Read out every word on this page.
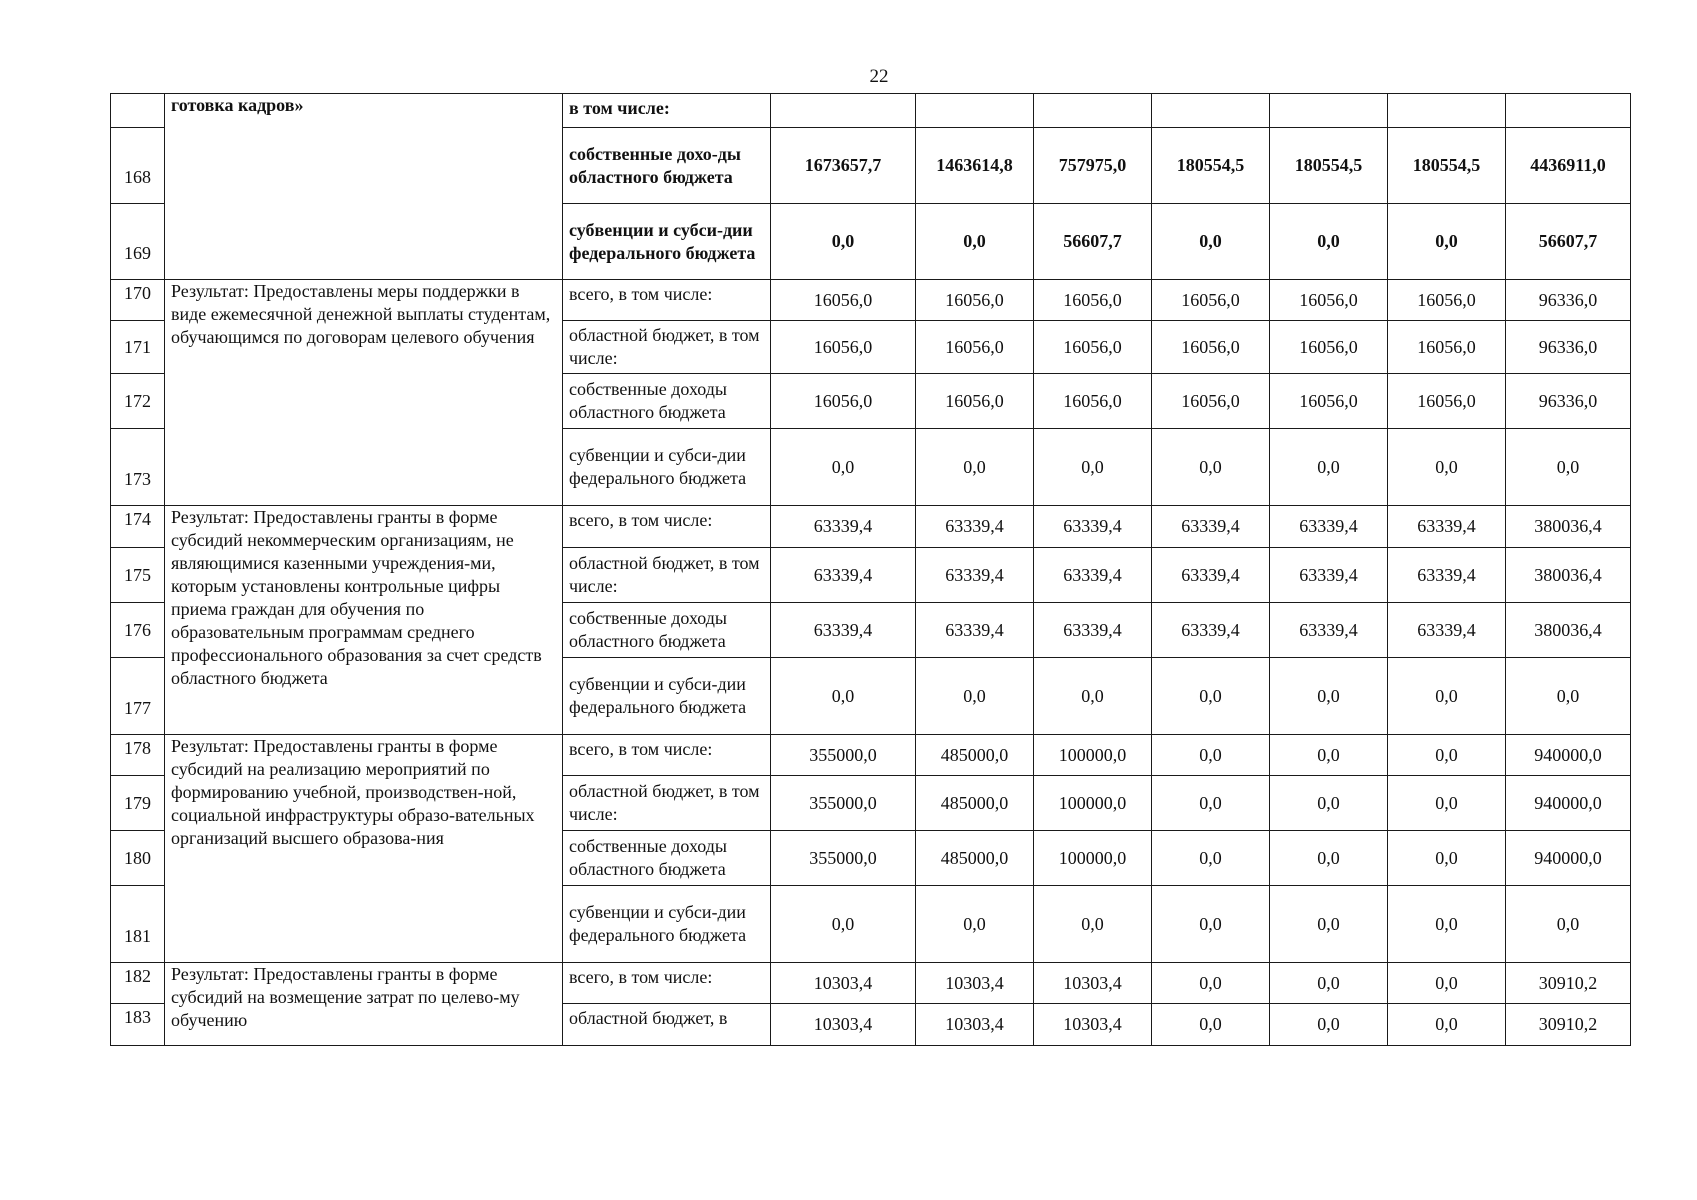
22
	готовка кадров»	в том числе:							
168		собственные дохо-ды областного бюджета	1673657,7	1463614,8	757975,0	180554,5	180554,5	180554,5	4436911,0
169		субвенции и субси-дии федерального бюджета	0,0	0,0	56607,7	0,0	0,0	0,0	56607,7
170	Результат: Предоставлены меры поддержки в виде ежемесячной денежной выплаты студентам, обучающимся по договорам целевого обучения	всего, в том числе:	16056,0	16056,0	16056,0	16056,0	16056,0	16056,0	96336,0
171		областной бюджет, в том числе:	16056,0	16056,0	16056,0	16056,0	16056,0	16056,0	96336,0
172		собственные доходы областного бюджета	16056,0	16056,0	16056,0	16056,0	16056,0	16056,0	96336,0
173		субвенции и субси-дии федерального бюджета	0,0	0,0	0,0	0,0	0,0	0,0	0,0
174	Результат: Предоставлены гранты в форме субсидий некоммерческим организациям, не являющимися казенными учреждения-ми, которым установлены контрольные цифры приема граждан для обучения по образовательным программам среднего профессионального образования за счет средств областного бюджета	всего, в том числе:	63339,4	63339,4	63339,4	63339,4	63339,4	63339,4	380036,4
175		областной бюджет, в том числе:	63339,4	63339,4	63339,4	63339,4	63339,4	63339,4	380036,4
176		собственные доходы областного бюджета	63339,4	63339,4	63339,4	63339,4	63339,4	63339,4	380036,4
177		субвенции и субси-дии федерального бюджета	0,0	0,0	0,0	0,0	0,0	0,0	0,0
178	Результат: Предоставлены гранты в форме субсидий на реализацию мероприятий по формированию учебной, производствен-ной, социальной инфраструктуры образо-вательных организаций высшего образова-ния	всего, в том числе:	355000,0	485000,0	100000,0	0,0	0,0	0,0	940000,0
179		областной бюджет, в том числе:	355000,0	485000,0	100000,0	0,0	0,0	0,0	940000,0
180		собственные доходы областного бюджета	355000,0	485000,0	100000,0	0,0	0,0	0,0	940000,0
181		субвенции и субси-дии федерального бюджета	0,0	0,0	0,0	0,0	0,0	0,0	0,0
182	Результат: Предоставлены гранты в форме субсидий на возмещение затрат по целево-му обучению	всего, в том числе:	10303,4	10303,4	10303,4	0,0	0,0	0,0	30910,2
183		областной бюджет, в	10303,4	10303,4	10303,4	0,0	0,0	0,0	30910,2
